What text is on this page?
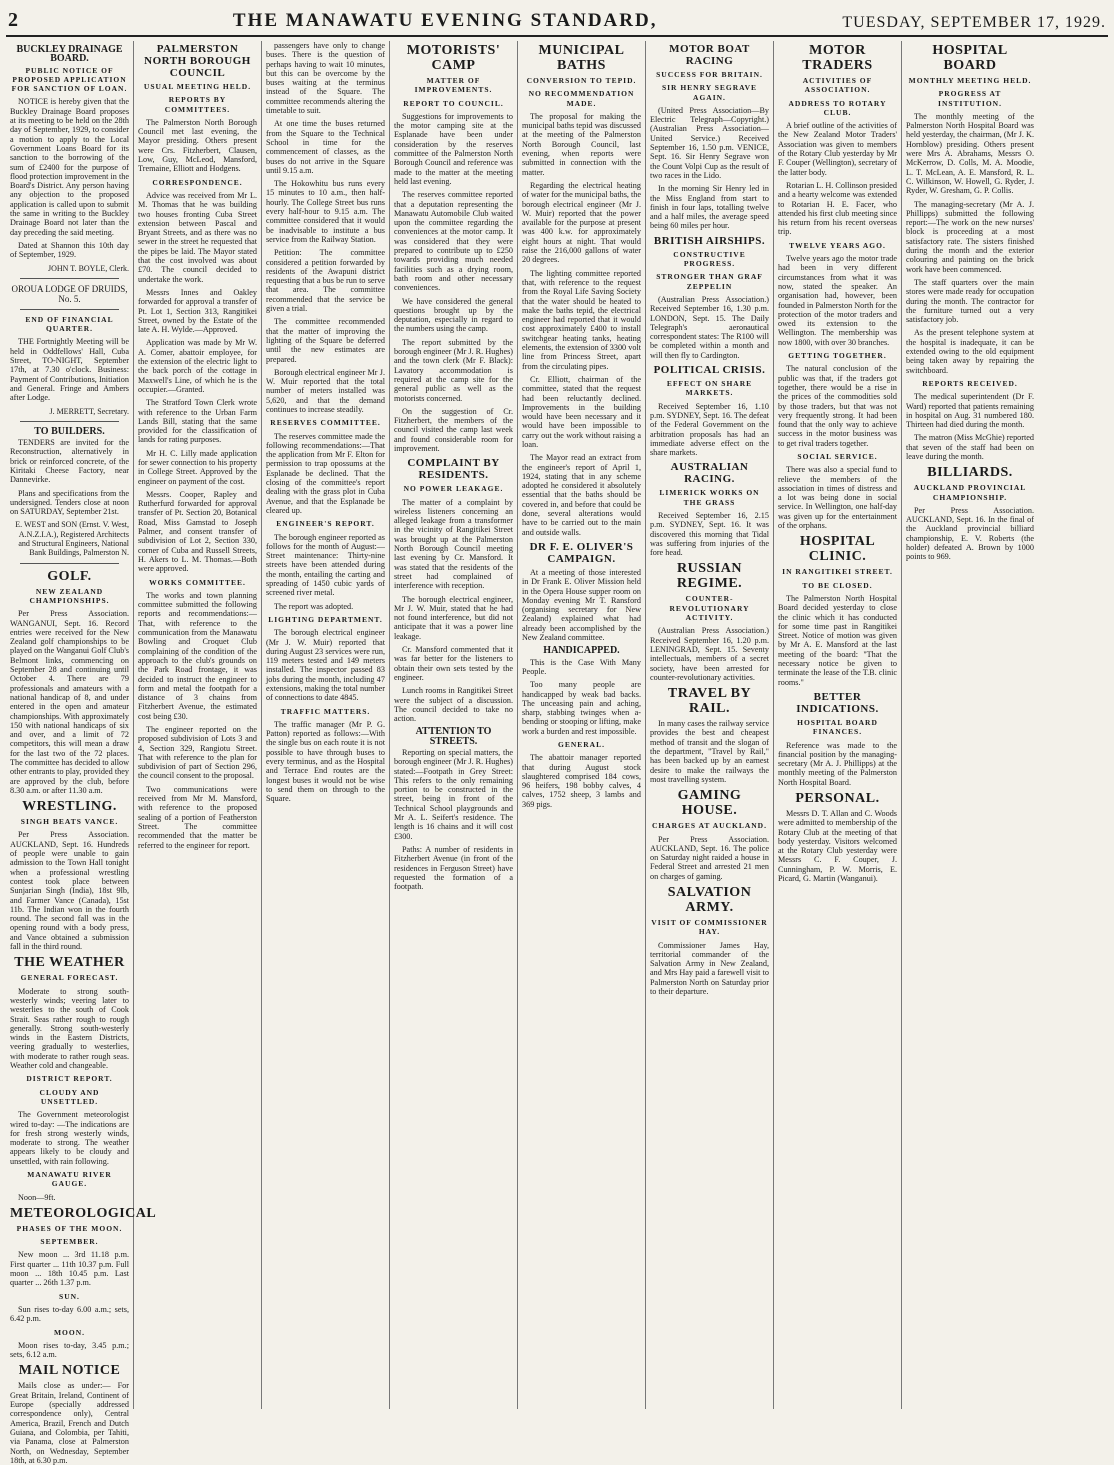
2	THE MANAWATU EVENING STANDARD,	TUESDAY, SEPTEMBER 17, 1929.
BUCKLEY DRAINAGE BOARD.
PUBLIC NOTICE OF PROPOSED APPLICATION FOR SANCTION OF LOAN.

NOTICE is hereby given that the Buckley Drainage Board proposes at its meeting to be held on the 28th day of September, 1929, to consider a motion to apply to the Local Government Loans Board for its sanction to the borrowing of the sum of £2400 for the purpose of flood protection improvement in the Board's District. Any person having any objection to the proposed application is called upon to submit the same in writing to the Buckley Drainage Board not later than the day preceding the said meeting.

Dated at Shannon this 10th day of September, 1929.

JOHN T. BOYLE, Clerk.
OROUA LODGE OF DRUIDS, No. 5.
END OF FINANCIAL QUARTER.

THE Fortnightly Meeting will be held in Oddfellows' Hall, Cuba Street, TO-NIGHT, September 17th, at 7.30 o'clock. Business: Payment of Contributions, Initiation and General. Fringe and Ambers after Lodge.

J. MERRETT, Secretary.
TO BUILDERS.

TENDERS are invited for the Reconstruction, alternatively in brick or reinforced concrete, of the Kiritaki Cheese Factory, near Dannevirke.

Plans and specifications from the undersigned. Tenders close at noon on SATURDAY, September 21st.

E. WEST and SON (Ernst. V. West, A.N.Z.I.A.), Registered Architects and Structural Engineers, National Bank Buildings, Palmerston N.
GOLF.
NEW ZEALAND CHAMPIONSHIPS.

Per Press Association. WANGANUI, Sept. 16. Record entries were received for the New Zealand golf championships to be played on the Wanganui Golf Club's Belmont links, commencing on September 28 and continuing until October 4. There are 79 professionals and amateurs with a national handicap of 8, and under entered in the open and amateur championships. With approximately 150 with national handicaps of six and over, and a limit of 72 competitors, this will mean a draw for the last two of the 72 places. The committee has decided to allow other entrants to play, provided they are approved by the club, before 8.30 a.m. or after 11.30 a.m.

WRESTLING.
SINGH BEATS VANCE.

Per Press Association. AUCKLAND, Sept. 16. Hundreds of people were unable to gain admission to the Town Hall tonight when a professional wrestling contest took place between Sunjarian Singh (India), 18st 9lb, and Farmer Vance (Canada), 15st 11b. The Indian won in the fourth round. The second fall was in the opening round with a body press, and Vance obtained a submission fall in the third round.

THE WEATHER
GENERAL FORECAST.

Moderate to strong south-westerly winds; veering later to westerlies to the south of Cook Strait. Seas rather rough to rough generally. Strong south-westerly winds in the Eastern Districts, veering gradually to westerlies, with moderate to rather rough seas. Weather cold and changeable.

DISTRICT REPORT.
CLOUDY AND UNSETTLED.

The Government meteorologist wired to-day: —The indications are for fresh strong westerly winds, moderate to strong. The weather appears likely to be cloudy and unsettled, with rain following.

MANAWATU RIVER GAUGE.

Noon—9ft.

METEOROLOGICAL
PHASES OF THE MOON.
SEPTEMBER.

New moon ... 3rd 11.18 p.m. First quarter ... 11th 10.37 p.m. Full moon ... 18th 10.45 p.m. Last quarter ... 26th 1.37 p.m.

SUN.

Sun rises to-day 6.00 a.m.; sets, 6.42 p.m.

MOON.

Moon rises to-day, 3.45 p.m.; sets, 6.12 a.m.

MAIL NOTICE

Mails close as under:— For Great Britain, Ireland, Continent of Europe (specially addressed correspondence only), Central America, Brazil, French and Dutch Guiana, and Colombia, per Tahiti, via Panama, close at Palmerston North, on Wednesday, September 18th, at 6.30 p.m.

PALMERSTON NORTH BOROUGH COUNCIL
USUAL MEETING HELD.
REPORTS BY COMMITTEES.

The Palmerston North Borough Council met last evening, the Mayor presiding. Others present were Crs. Fitzherbert, Clausen, Low, Guy, McLeod, Mansford, Tremaine, Elliott and Hodgens.

CORRESPONDENCE.

Advice was received from Mr L. M. Thomas that he was building two houses fronting Cuba Street extension between Pascal and Bryant Streets, and as there was no sewer in the street he requested that the pipes be laid. The Mayor stated that the cost involved was about £70. The council decided to undertake the work.

Messrs Innes and Oakley forwarded for approval a transfer of Pt. Lot 1, Section 313, Rangitikei Street, owned by the Estate of the late A. H. Wylde.—Approved.

Application was made by Mr W. A. Comer, abattoir employee, for the extension of the electric light to the back porch of the cottage in Maxwell's Line, of which he is the occupier.—Granted.

The Stratford Town Clerk wrote with reference to the Urban Farm Lands Bill, stating that the same provided for the classification of lands for rating purposes.

Mr H. C. Lilly made application for sewer connection to his property in College Street. Approved by the engineer on payment of the cost.

Messrs. Cooper, Rapley and Rutherfurd forwarded for approval transfer of Pt. Section 20, Botanical Road, Miss Gamstad to Joseph Palmer, and consent transfer of subdivision of Lot 2, Section 330, corner of Cuba and Russell Streets, H. Akers to L. M. Thomas.—Both were approved.

WORKS COMMITTEE.

The works and town planning committee submitted the following reports and recommendations:—That, with reference to the communication from the Manawatu Bowling and Croquet Club complaining of the condition of the approach to the club's grounds on the Park Road frontage, it was decided to instruct the engineer to form and metal the footpath for a distance of 3 chains from Fitzherbert Avenue, the estimated cost being £30.

The engineer reported on the proposed subdivision of Lots 3 and 4, Section 329, Rangiotu Street. That with reference to the plan for subdivision of part of Section 296, the council consent to the proposal.

Two communications were received from Mr M. Mansford, with reference to the proposed sealing of a portion of Featherston Street. The committee recommended that the matter be referred to the engineer for report.

passengers have only to change buses. There is the question of perhaps having to wait 10 minutes, but this can be overcome by the buses waiting at the terminus instead of the Square. The committee recommends altering the timetable to suit.

At one time the buses returned from the Square to the Technical School in time for the commencement of classes, as the buses do not arrive in the Square until 9.15 a.m.

The Hokowhitu bus runs every 15 minutes to 10 a.m., then half-hourly. The College Street bus runs every half-hour to 9.15 a.m. The committee considered that it would be inadvisable to institute a bus service from the Railway Station.

Petition: The committee considered a petition forwarded by residents of the Awapuni district requesting that a bus be run to serve that area. The committee recommended that the service be given a trial.

The committee recommended that the matter of improving the lighting of the Square be deferred until the new estimates are prepared.

Borough electrical engineer Mr J. W. Muir reported that the total number of meters installed was 5,620, and that the demand continues to increase steadily.

RESERVES COMMITTEE.

The reserves committee made the following recommendations:—That the application from Mr F. Elton for permission to trap opossums at the Esplanade be declined. That the closing of the committee's report dealing with the grass plot in Cuba Avenue, and that the Esplanade be cleared up.

ENGINEER'S REPORT.

The borough engineer reported as follows for the month of August:—Street maintenance: Thirty-nine streets have been attended during the month, entailing the carting and spreading of 1450 cubic yards of screened river metal.

The report was adopted.

LIGHTING DEPARTMENT.

The borough electrical engineer (Mr J. W. Muir) reported that during August 23 services were run, 119 meters tested and 149 meters installed. The inspector passed 83 jobs during the month, including 47 extensions, making the total number of connections to date 4845.

TRAFFIC MATTERS.

The traffic manager (Mr P. G. Patton) reported as follows:—With the single bus on each route it is not possible to have through buses to every terminus, and as the Hospital and Terrace End routes are the longest buses it would not be wise to send them on through to the Square.

MOTORISTS' CAMP
MATTER OF IMPROVEMENTS.
REPORT TO COUNCIL.

Suggestions for improvements to the motor camping site at the Esplanade have been under consideration by the reserves committee of the Palmerston North Borough Council and reference was made to the matter at the meeting held last evening.

The reserves committee reported that a deputation representing the Manawatu Automobile Club waited upon the committee regarding the conveniences at the motor camp. It was considered that they were prepared to contribute up to £250 towards providing much needed facilities such as a drying room, bath room and other necessary conveniences.

We have considered the general questions brought up by the deputation, especially in regard to the numbers using the camp.

The report submitted by the borough engineer (Mr J. R. Hughes) and the town clerk (Mr F. Black): Lavatory accommodation is required at the camp site for the general public as well as the motorists concerned.

On the suggestion of Cr. Fitzherbert, the members of the council visited the camp last week and found considerable room for improvement.

COMPLAINT BY RESIDENTS.
NO POWER LEAKAGE.

The matter of a complaint by wireless listeners concerning an alleged leakage from a transformer in the vicinity of Rangitikei Street was brought up at the Palmerston North Borough Council meeting last evening by Cr. Mansford. It was stated that the residents of the street had complained of interference with reception.

The borough electrical engineer, Mr J. W. Muir, stated that he had not found interference, but did not anticipate that it was a power line leakage.

Cr. Mansford commented that it was far better for the listeners to obtain their own sets tested by the engineer.

Lunch rooms in Rangitikei Street were the subject of a discussion. The council decided to take no action.

ATTENTION TO STREETS.

Reporting on special matters, the borough engineer (Mr J. R. Hughes) stated:—Footpath in Grey Street: This refers to the only remaining portion to be constructed in the street, being in front of the Technical School playgrounds and Mr A. L. Seifert's residence. The length is 16 chains and it will cost £300.

Paths: A number of residents in Fitzherbert Avenue (in front of the residences in Ferguson Street) have requested the formation of a footpath.

MUNICIPAL BATHS
CONVERSION TO TEPID.
NO RECOMMENDATION MADE.

The proposal for making the municipal baths tepid was discussed at the meeting of the Palmerston North Borough Council, last evening, when reports were submitted in connection with the matter.

Regarding the electrical heating of water for the municipal baths, the borough electrical engineer (Mr J. W. Muir) reported that the power available for the purpose at present was 400 k.w. for approximately eight hours at night. That would raise the 216,000 gallons of water 20 degrees.

The lighting committee reported that, with reference to the request from the Royal Life Saving Society that the water should be heated to make the baths tepid, the electrical engineer had reported that it would cost approximately £400 to install switchgear heating tanks, heating elements, the extension of 3300 volt line from Princess Street, apart from the circulating pipes.

Cr. Elliott, chairman of the committee, stated that the request had been reluctantly declined. Improvements in the building would have been necessary and it would have been impossible to carry out the work without raising a loan.

The Mayor read an extract from the engineer's report of April 1, 1924, stating that in any scheme adopted he considered it absolutely essential that the baths should be covered in, and before that could be done, several alterations would have to be carried out to the main and outside walls.

DR F. E. OLIVER'S CAMPAIGN.

At a meeting of those interested in Dr Frank E. Oliver Mission held in the Opera House supper room on Monday evening Mr T. Ransford (organising secretary for New Zealand) explained what had already been accomplished by the New Zealand committee.

HANDICAPPED.

This is the Case With Many People.

Too many people are handicapped by weak bad backs. The unceasing pain and aching, sharp, stabbing twinges when a-bending or stooping or lifting, make work a burden and rest impossible.

GENERAL.

The abattoir manager reported that during August stock slaughtered comprised 184 cows, 96 heifers, 198 bobby calves, 4 calves, 1752 sheep, 3 lambs and 369 pigs.

MOTOR BOAT RACING
SUCCESS FOR BRITAIN.
SIR HENRY SEGRAVE AGAIN.

(United Press Association—By Electric Telegraph—Copyright.) (Australian Press Association—United Service.) Received September 16, 1.50 p.m. VENICE, Sept. 16. Sir Henry Segrave won the Count Volpi Cup as the result of two races in the Lido.

In the morning Sir Henry led in the Miss England from start to finish in four laps, totalling twelve and a half miles, the average speed being 60 miles per hour.

BRITISH AIRSHIPS.
CONSTRUCTIVE PROGRESS.
STRONGER THAN GRAF ZEPPELIN

(Australian Press Association.) Received September 16, 1.30 p.m. LONDON, Sept. 15. The Daily Telegraph's aeronautical correspondent states: The R100 will be completed within a month and will then fly to Cardington.

POLITICAL CRISIS.
EFFECT ON SHARE MARKETS.

Received September 16, 1.10 p.m. SYDNEY, Sept. 16. The defeat of the Federal Government on the arbitration proposals has had an immediate adverse effect on the share markets.

AUSTRALIAN RACING.
LIMERICK WORKS ON THE GRASS

Received September 16, 2.15 p.m. SYDNEY, Sept. 16. It was discovered this morning that Tidal was suffering from injuries of the fore head.

RUSSIAN REGIME.
COUNTER-REVOLUTIONARY ACTIVITY.

(Australian Press Association.) Received September 16, 1.20 p.m. LENINGRAD, Sept. 15. Seventy intellectuals, members of a secret society, have been arrested for counter-revolutionary activities.

TRAVEL BY RAIL.

In many cases the railway service provides the best and cheapest method of transit and the slogan of the department, "Travel by Rail," has been backed up by an earnest desire to make the railways the most travelling system.

GAMING HOUSE.
CHARGES AT AUCKLAND.

Per Press Association. AUCKLAND, Sept. 16. The police on Saturday night raided a house in Federal Street and arrested 21 men on charges of gaming.

SALVATION ARMY.
VISIT OF COMMISSIONER HAY.

Commissioner James Hay, territorial commander of the Salvation Army in New Zealand, and Mrs Hay paid a farewell visit to Palmerston North on Saturday prior to their departure.

MOTOR TRADERS
ACTIVITIES OF ASSOCIATION.
ADDRESS TO ROTARY CLUB.

A brief outline of the activities of the New Zealand Motor Traders' Association was given to members of the Rotary Club yesterday by Mr F. Couper (Wellington), secretary of the latter body.

Rotarian L. H. Collinson presided and a hearty welcome was extended to Rotarian H. E. Facer, who attended his first club meeting since his return from his recent overseas trip.

TWELVE YEARS AGO.

Twelve years ago the motor trade had been in very different circumstances from what it was now, stated the speaker. An organisation had, however, been founded in Palmerston North for the protection of the motor traders and owed its extension to the Wellington. The membership was now 1800, with over 30 branches.

GETTING TOGETHER.

The natural conclusion of the public was that, if the traders got together, there would be a rise in the prices of the commodities sold by those traders, but that was not very frequently strong. It had been found that the only way to achieve success in the motor business was to get rival traders together.

SOCIAL SERVICE.

There was also a special fund to relieve the members of the association in times of distress and a lot was being done in social service. In Wellington, one half-day was given up for the entertainment of the orphans.

HOSPITAL CLINIC.
IN RANGITIKEI STREET.
TO BE CLOSED.

The Palmerston North Hospital Board decided yesterday to close the clinic which it has conducted for some time past in Rangitikei Street. Notice of motion was given by Mr A. E. Mansford at the last meeting of the board: "That the necessary notice be given to terminate the lease of the T.B. clinic rooms."

BETTER INDICATIONS.
HOSPITAL BOARD FINANCES.

Reference was made to the financial position by the managing-secretary (Mr A. J. Phillipps) at the monthly meeting of the Palmerston North Hospital Board.

PERSONAL.

Messrs D. T. Allan and C. Woods were admitted to membership of the Rotary Club at the meeting of that body yesterday. Visitors welcomed at the Rotary Club yesterday were Messrs C. F. Couper, J. Cunningham, P. W. Morris, E. Picard, G. Martin (Wanganui).

HOSPITAL BOARD
MONTHLY MEETING HELD.
PROGRESS AT INSTITUTION.

The monthly meeting of the Palmerston North Hospital Board was held yesterday, the chairman, (Mr J. K. Hornblow) presiding. Others present were Mrs A. Abrahams, Messrs O. McKerrow, D. Colls, M. A. Moodie, L. T. McLean, A. E. Mansford, R. L. C. Wilkinson, W. Howell, G. Ryder, J. Ryder, W. Gresham, G. P. Collis.

The managing-secretary (Mr A. J. Phillipps) submitted the following report:—The work on the new nurses' block is proceeding at a most satisfactory rate. The sisters finished during the month and the exterior colouring and painting on the brick work have been commenced.

The staff quarters over the main stores were made ready for occupation during the month. The contractor for the furniture turned out a very satisfactory job.

As the present telephone system at the hospital is inadequate, it can be extended owing to the old equipment being taken away by repairing the switchboard.

REPORTS RECEIVED.

The medical superintendent (Dr F. Ward) reported that patients remaining in hospital on Aug. 31 numbered 180. Thirteen had died during the month.

The matron (Miss McGhie) reported that seven of the staff had been on leave during the month.

BILLIARDS.
AUCKLAND PROVINCIAL CHAMPIONSHIP.

Per Press Association. AUCKLAND, Sept. 16. In the final of the Auckland provincial billiard championship, E. V. Roberts (the holder) defeated A. Brown by 1000 points to 969.
